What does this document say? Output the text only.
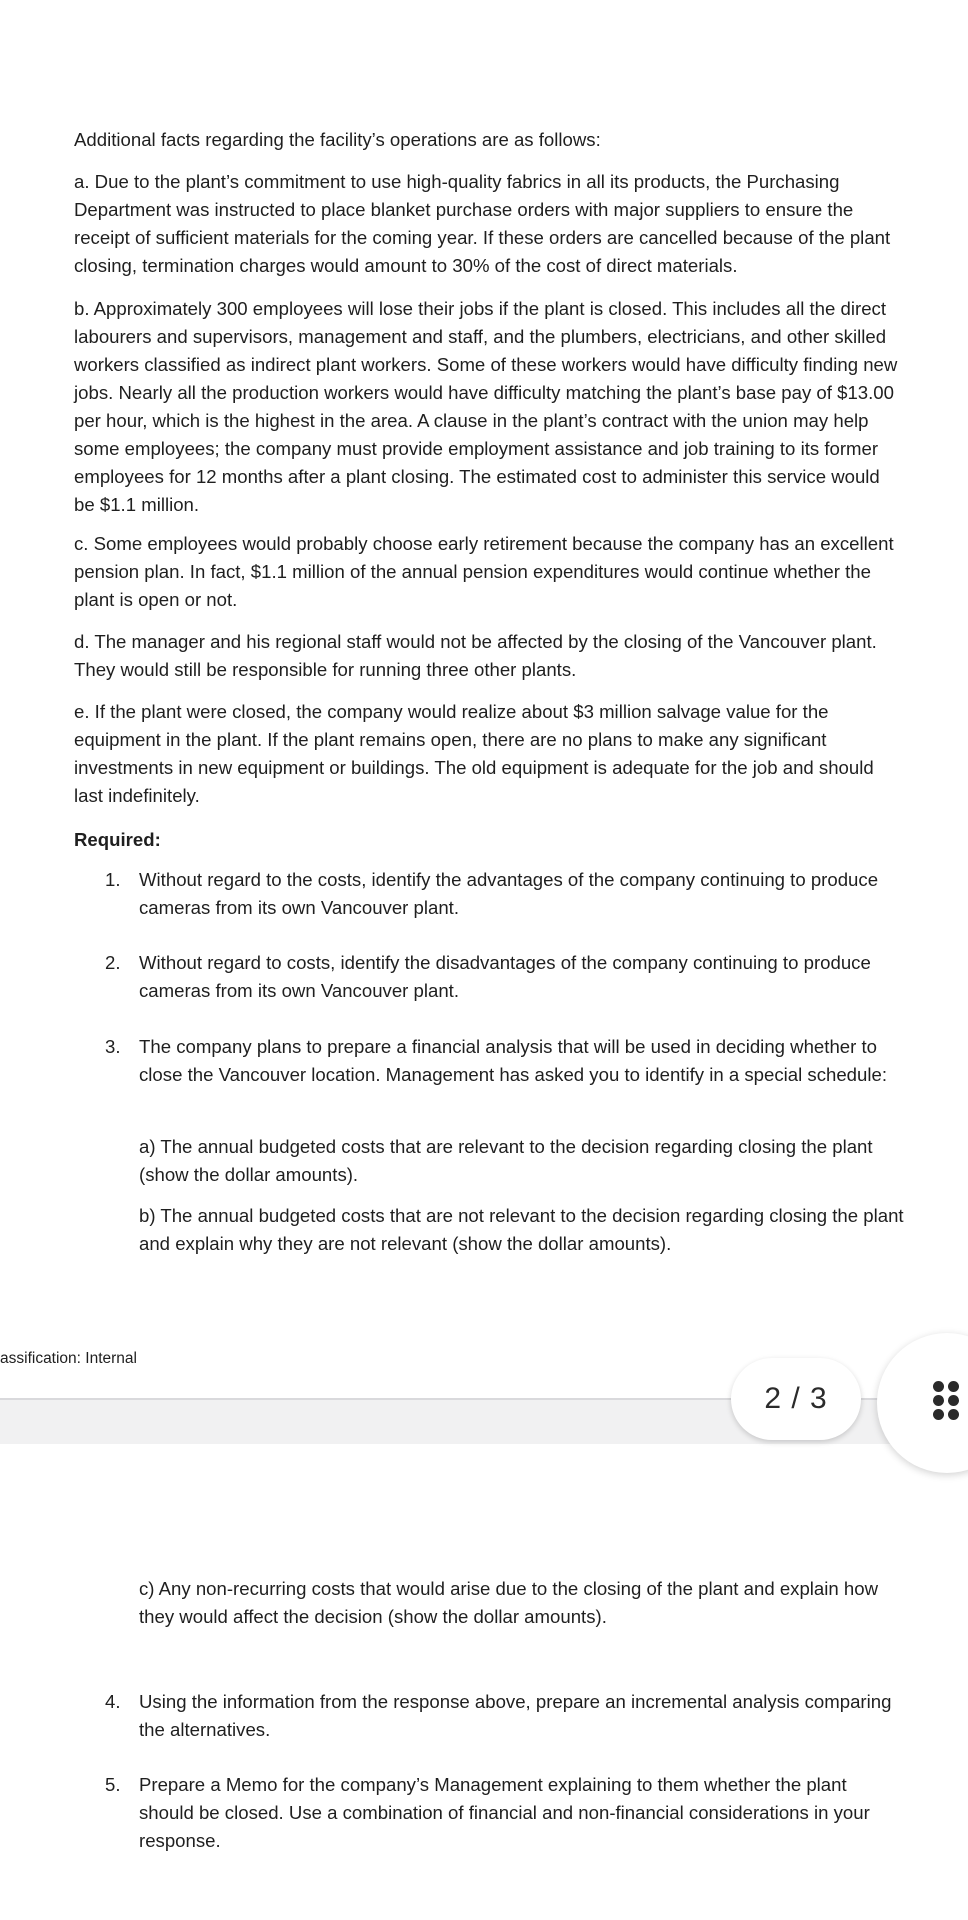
Additional facts regarding the facility’s operations are as follows:

a. Due to the plant’s commitment to use high-quality fabrics in all its products, the Purchasing Department was instructed to place blanket purchase orders with major suppliers to ensure the receipt of sufficient materials for the coming year. If these orders are cancelled because of the plant closing, termination charges would amount to 30% of the cost of direct materials.

b. Approximately 300 employees will lose their jobs if the plant is closed. This includes all the direct labourers and supervisors, management and staff, and the plumbers, electricians, and other skilled workers classified as indirect plant workers. Some of these workers would have difficulty finding new jobs. Nearly all the production workers would have difficulty matching the plant’s base pay of $13.00 per hour, which is the highest in the area. A clause in the plant’s contract with the union may help some employees; the company must provide employment assistance and job training to its former employees for 12 months after a plant closing. The estimated cost to administer this service would be $1.1 million.

c. Some employees would probably choose early retirement because the company has an excellent pension plan. In fact, $1.1 million of the annual pension expenditures would continue whether the plant is open or not.

d. The manager and his regional staff would not be affected by the closing of the Vancouver plant. They would still be responsible for running three other plants.

e. If the plant were closed, the company would realize about $3 million salvage value for the equipment in the plant. If the plant remains open, there are no plans to make any significant investments in new equipment or buildings. The old equipment is adequate for the job and should last indefinitely.

Required:

1. Without regard to the costs, identify the advantages of the company continuing to produce cameras from its own Vancouver plant.
2. Without regard to costs, identify the disadvantages of the company continuing to produce cameras from its own Vancouver plant.
3. The company plans to prepare a financial analysis that will be used in deciding whether to close the Vancouver location. Management has asked you to identify in a special schedule:
a) The annual budgeted costs that are relevant to the decision regarding closing the plant (show the dollar amounts).
b) The annual budgeted costs that are not relevant to the decision regarding closing the plant and explain why they are not relevant (show the dollar amounts).
assification: Internal
2 / 3
c) Any non-recurring costs that would arise due to the closing of the plant and explain how they would affect the decision (show the dollar amounts).
4. Using the information from the response above, prepare an incremental analysis comparing the alternatives.
5. Prepare a Memo for the company’s Management explaining to them whether the plant should be closed. Use a combination of financial and non-financial considerations in your response.
